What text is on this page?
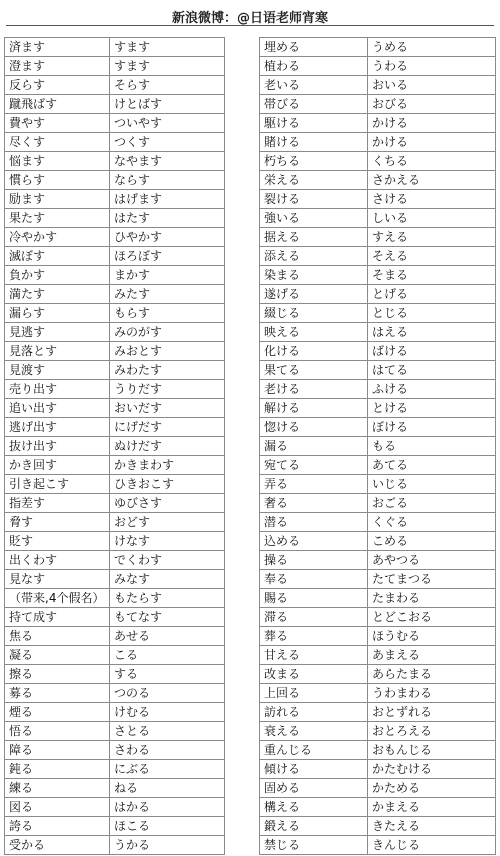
新浪微博：@日语老师宵寒
済ます	すます
澄ます	すます
反らす	そらす
蹴飛ばす	けとばす
費やす	ついやす
尽くす	つくす
悩ます	なやます
慣らす	ならす
励ます	はげます
果たす	はたす
冷やかす	ひやかす
滅ぼす	ほろぼす
負かす	まかす
満たす	みたす
漏らす	もらす
見逃す	みのがす
見落とす	みおとす
見渡す	みわたす
売り出す	うりだす
追い出す	おいだす
逃げ出す	にげだす
抜け出す	ぬけだす
かき回す	かきまわす
引き起こす	ひきおこす
指差す	ゆびさす
脅す	おどす
貶す	けなす
出くわす	でくわす
見なす	みなす
（带来,4个假名）	もたらす
持て成す	もてなす
焦る	あせる
凝る	こる
擦る	する
募る	つのる
煙る	けむる
悟る	さとる
障る	さわる
鈍る	にぶる
練る	ねる
図る	はかる
誇る	ほこる
受かる	うかる
埋める	うめる
植わる	うわる
老いる	おいる
帯びる	おびる
駆ける	かける
賭ける	かける
朽ちる	くちる
栄える	さかえる
裂ける	さける
強いる	しいる
据える	すえる
添える	そえる
染まる	そまる
遂げる	とげる
綴じる	とじる
映える	はえる
化ける	ばける
果てる	はてる
老ける	ふける
解ける	とける
惚ける	ぼける
漏る	もる
宛てる	あてる
弄る	いじる
奢る	おごる
潜る	くぐる
込める	こめる
操る	あやつる
奉る	たてまつる
賜る	たまわる
滞る	とどこおる
葬る	ほうむる
甘える	あまえる
改まる	あらたまる
上回る	うわまわる
訪れる	おとずれる
衰える	おとろえる
重んじる	おもんじる
傾ける	かたむける
固める	かためる
構える	かまえる
鍛える	きたえる
禁じる	きんじる
